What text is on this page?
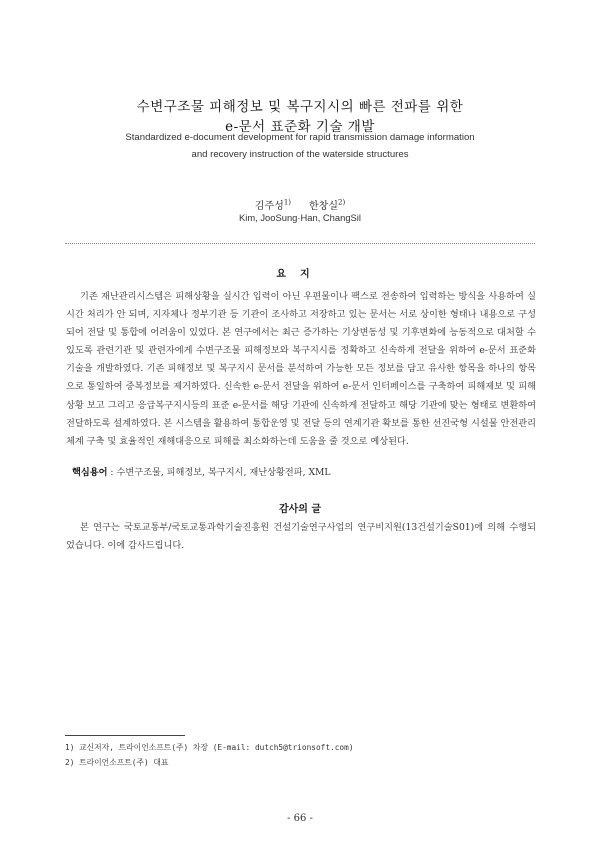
수변구조물 피해정보 및 복구지시의 빠른 전파를 위한
e-문서 표준화 기술 개발
Standardized e-document development for rapid transmission damage information
and recovery instruction of the waterside structures
김주성$^{1)}$ 한창실$^{2)}$
Kim, JooSung·Han, ChangSil
요지
기존 재난관리시스템은 피해상황을 실시간 입력이 아닌 우편물이나 팩스로 전송하여 입력하는 방식을 사용하여 실시간 처리가 안 되며, 지자체나 정부기관 등 기관이 조사하고 저장하고 있는 문서는 서로 상이한 형태나 내용으로 구성되어 전달 및 통합에 어려움이 있었다. 본 연구에서는 최근 증가하는 기상변동성 및 기후변화에 능동적으로 대처할 수 있도록 관련기관 및 관련자에게 수변구조물 피해정보와 복구지시를 정확하고 신속하게 전달을 위하여 e-문서 표준화 기술을 개발하였다. 기존 피해정보 및 복구지시 문서를 분석하여 가능한 모든 정보를 담고 유사한 항목을 하나의 항목으로 통일하여 중복정보를 제거하였다. 신속한 e-문서 전달을 위하여 e-문서 인터페이스를 구축하여 피해제보 및 피해 상황 보고 그리고 응급복구지시등의 표준 e-문서를 해당 기관에 신속하게 전달하고 해당 기관에 맞는 형태로 변환하여 전달하도록 설계하였다. 본 시스템을 활용하여 통합운영 및 전달 등의 연계기관 확보를 통한 선진국형 시설물 안전관리체계 구축 및 효율적인 재해대응으로 피해를 최소화하는데 도움을 줄 것으로 예상된다.
핵심용어 : 수변구조물, 피해정보, 복구지시, 재난상황전파, XML
감사의 글
본 연구는 국토교통부/국토교통과학기술진흥원 건설기술연구사업의 연구비지원(13건설기술S01)에 의해 수행되었습니다. 이에 감사드립니다.
1) 교신저자, 트라이언소프트(주) 차장 (E-mail: dutch5@trionsoft.com)
2) 트라이언소프트(주) 대표
- 66 -
